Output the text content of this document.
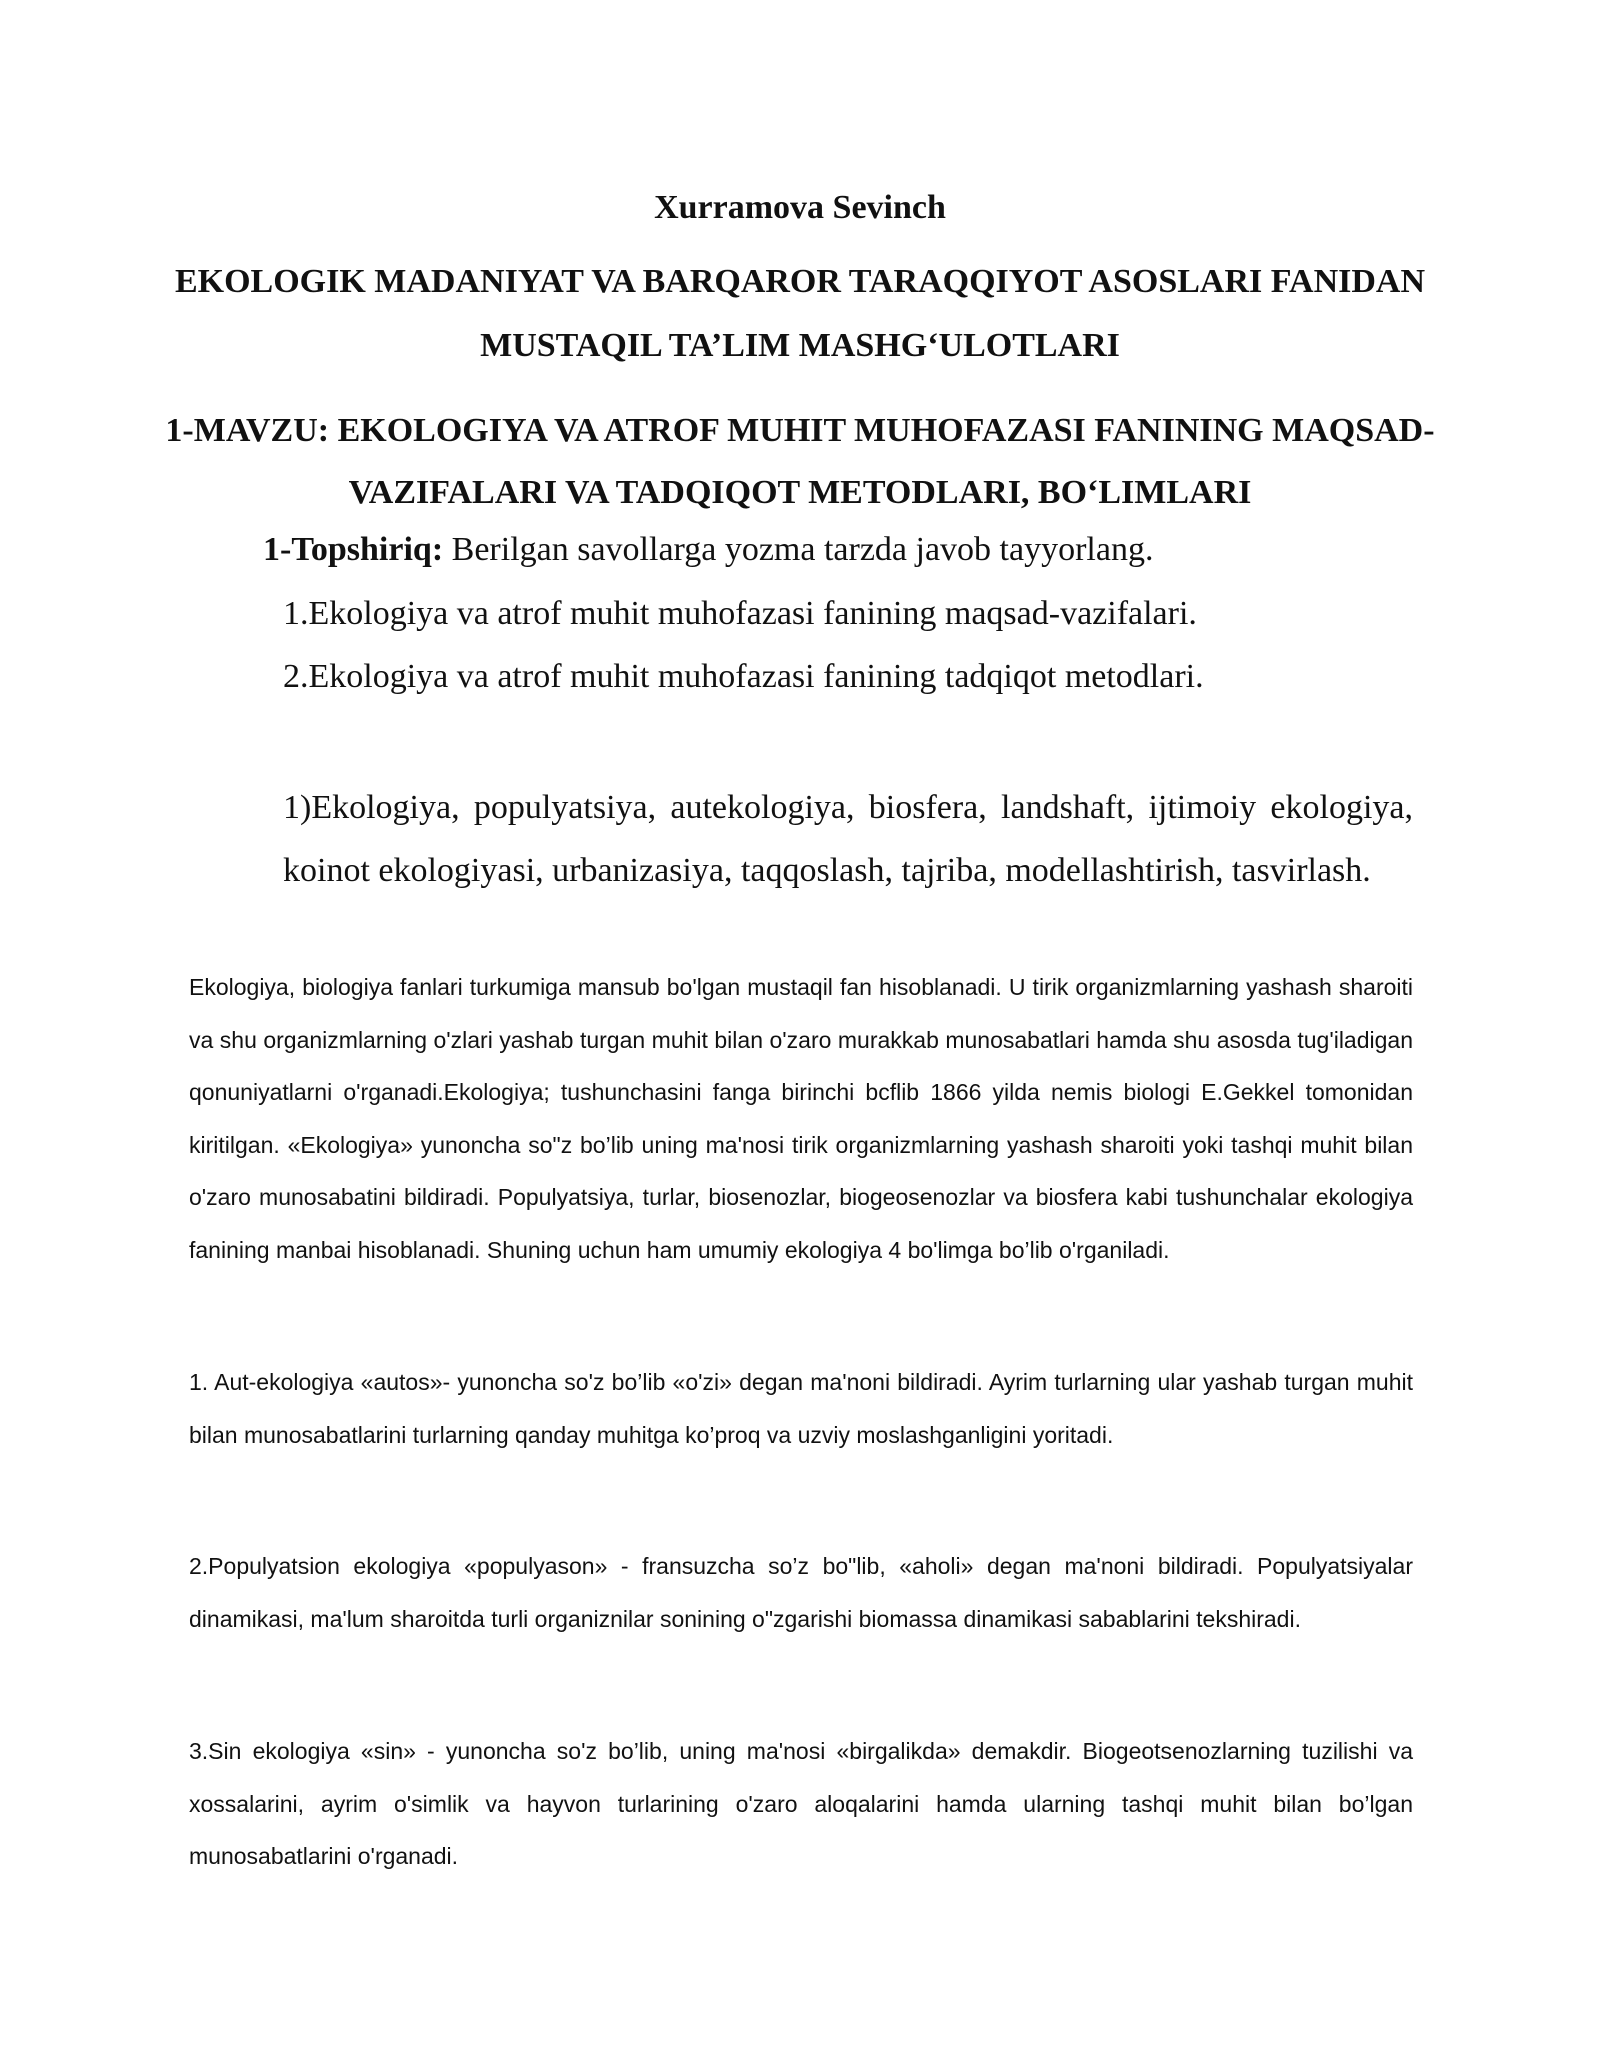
Xurramova Sevinch
EKOLOGIK MADANIYAT VA BARQAROR TARAQQIYOT ASOSLARI FANIDAN MUSTAQIL TA’LIM MASHG‘ULOTLARI
1-MAVZU: EKOLOGIYA VA ATROF MUHIT MUHOFAZASI FANINING MAQSAD-VAZIFALARI VA TADQIQOT METODLARI, BO‘LIMLARI
1-Topshiriq: Berilgan savollarga yozma tarzda javob tayyorlang.
1.Ekologiya va atrof muhit muhofazasi fanining maqsad-vazifalari.
2.Ekologiya va atrof muhit muhofazasi fanining tadqiqot metodlari.
1)Ekologiya, populyatsiya, autekologiya, biosfera, landshaft, ijtimoiy ekologiya, koinot ekologiyasi, urbanizasiya, taqqoslash, tajriba, modellashtirish, tasvirlash.

Ekologiya, biologiya fanlari turkumiga mansub bo'lgan mustaqil fan hisoblanadi. U tirik organizmlarning yashash sharoiti va shu organizmlarning o'zlari yashab turgan muhit bilan o'zaro murakkab munosabatlari hamda shu asosda tug'iladigan qonuniyatlarni o'rganadi.Ekologiya; tushunchasini fanga birinchi bcflib 1866 yilda nemis biologi E.Gekkel tomonidan kiritilgan. «Ekologiya» yunoncha so"z bo’lib uning ma'nosi tirik organizmlarning yashash sharoiti yoki tashqi muhit bilan o'zaro munosabatini bildiradi. Populyatsiya, turlar, biosenozlar, biogeosenozlar va biosfera kabi tushunchalar ekologiya fanining manbai hisoblanadi. Shuning uchun ham umumiy ekologiya 4 bo'limga bo’lib o'rganiladi.

1. Aut-ekologiya «autos»- yunoncha so'z bo’lib «o'zi» degan ma'noni bildiradi. Ayrim turlarning ular yashab turgan muhit bilan munosabatlarini turlarning qanday muhitga ko’proq va uzviy moslashganligini yoritadi.

2.Populyatsion ekologiya «populyason» - fransuzcha so’z bo"lib, «aholi» degan ma'noni bildiradi. Populyatsiyalar dinamikasi, ma'lum sharoitda turli organiznilar sonining o"zgarishi biomassa dinamikasi sabablarini tekshiradi.

3.Sin ekologiya «sin» - yunoncha so'z bo’lib, uning ma'nosi «birgalikda» demakdir. Biogeotsenozlarning tuzilishi va xossalarini, ayrim o'simlik va hayvon turlarining o'zaro aloqalarini hamda ularning tashqi muhit bilan bo’lgan munosabatlarini o'rganadi.
